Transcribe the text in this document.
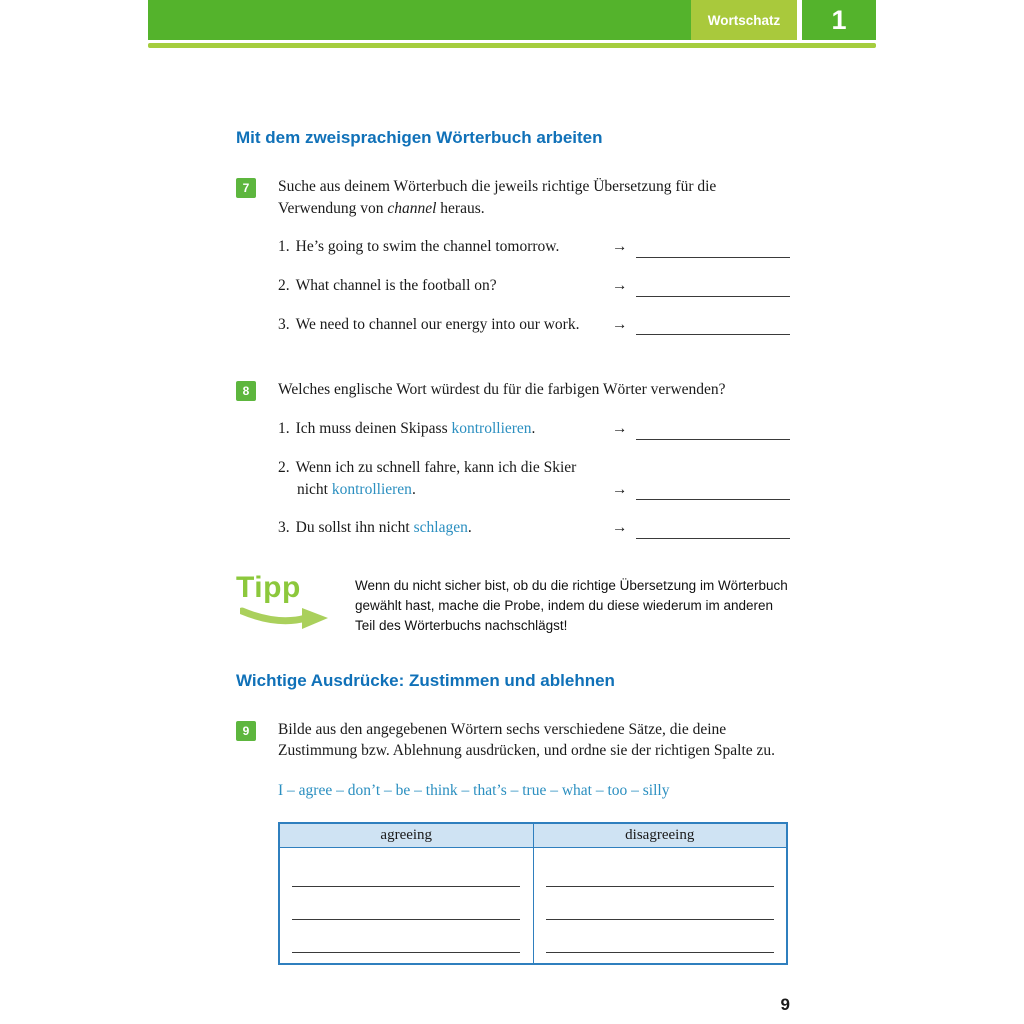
Wortschatz	1
Mit dem zweisprachigen Wörterbuch arbeiten
7	Suche aus deinem Wörterbuch die jeweils richtige Übersetzung für die Verwendung von channel heraus.

1. He’s going to swim the channel tomorrow.	→
2. What channel is the football on?	→
3. We need to channel our energy into our work.	→
8	Welches englische Wort würdest du für die farbigen Wörter verwenden?

1. Ich muss deinen Skipass kontrollieren.	→
2. Wenn ich zu schnell fahre, kann ich die Skier
nicht kontrollieren.	→
3. Du sollst ihn nicht schlagen.	→
Tipp	Wenn du nicht sicher bist, ob du die richtige Übersetzung im Wörterbuch gewählt hast, mache die Probe, indem du diese wiederum im anderen Teil des Wörterbuchs nachschlägst!
Wichtige Ausdrücke: Zustimmen und ablehnen
9	Bilde aus den angegebenen Wörtern sechs verschiedene Sätze, die deine Zustimmung bzw. Ablehnung ausdrücken, und ordne sie der richtigen Spalte zu.

I – agree – don’t – be – think – that’s – true – what – too – silly
agreeing	disagreeing

9
